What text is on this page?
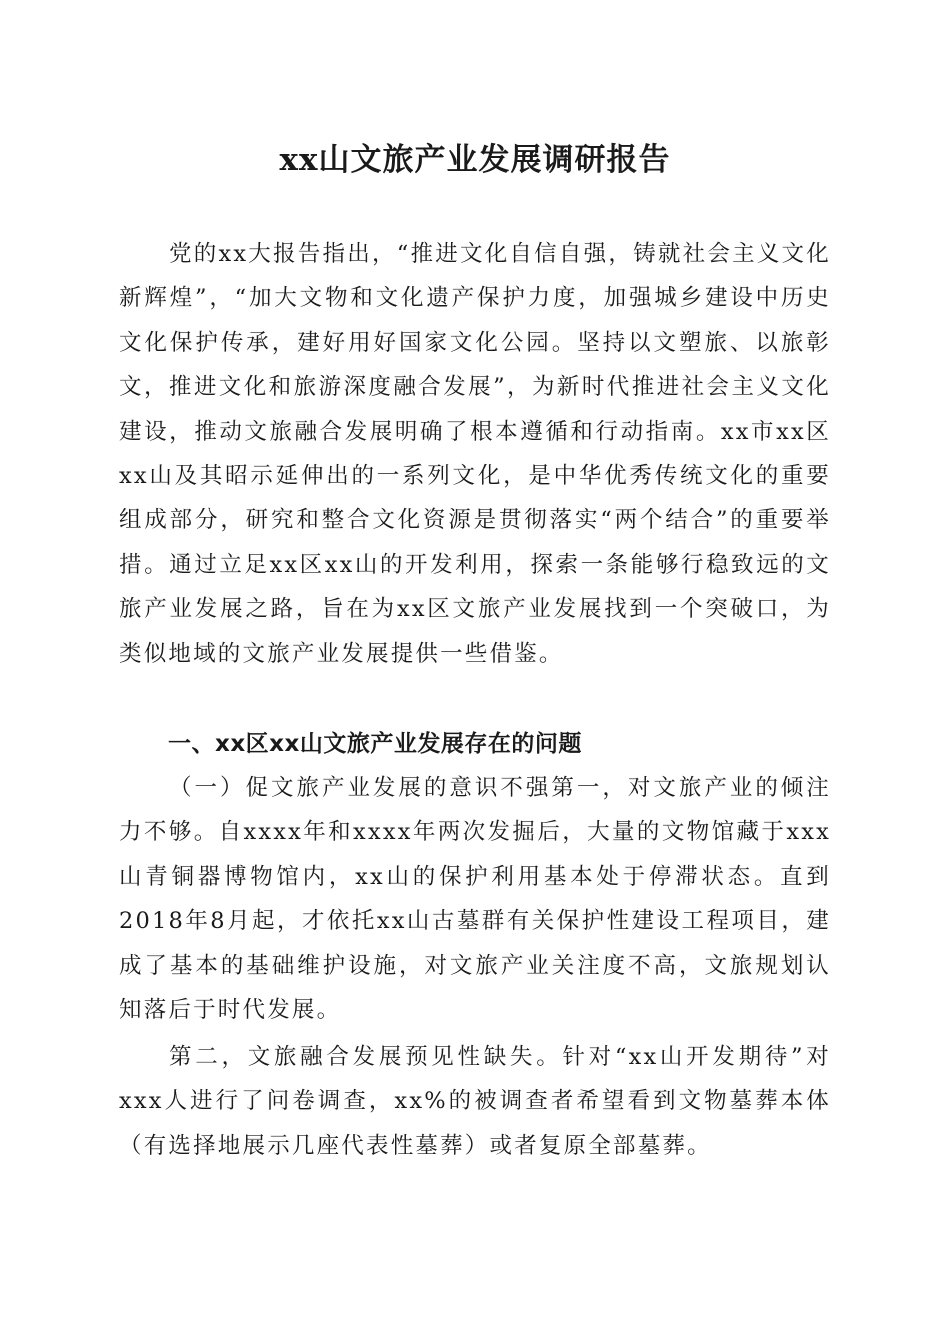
xx山文旅产业发展调研报告

党的xx大报告指出，“推进文化自信自强，铸就社会主义文化新辉煌”，“加大文物和文化遗产保护力度，加强城乡建设中历史文化保护传承，建好用好国家文化公园。坚持以文塑旅、以旅彰文，推进文化和旅游深度融合发展”，为新时代推进社会主义文化建设，推动文旅融合发展明确了根本遵循和行动指南。xx市xx区xx山及其昭示延伸出的一系列文化，是中华优秀传统文化的重要组成部分，研究和整合文化资源是贯彻落实“两个结合”的重要举措。通过立足xx区xx山的开发利用，探索一条能够行稳致远的文旅产业发展之路，旨在为xx区文旅产业发展找到一个突破口，为类似地域的文旅产业发展提供一些借鉴。

一、xx区xx山文旅产业发展存在的问题

（一）促文旅产业发展的意识不强第一，对文旅产业的倾注力不够。自xxxx年和xxxx年两次发掘后，大量的文物馆藏于xxx山青铜器博物馆内，xx山的保护利用基本处于停滞状态。直到2018年8月起，才依托xx山古墓群有关保护性建设工程项目，建成了基本的基础维护设施，对文旅产业关注度不高，文旅规划认知落后于时代发展。

第二，文旅融合发展预见性缺失。针对“xx山开发期待”对xxx人进行了问卷调查，xx%的被调查者希望看到文物墓葬本体（有选择地展示几座代表性墓葬）或者复原全部墓葬。
